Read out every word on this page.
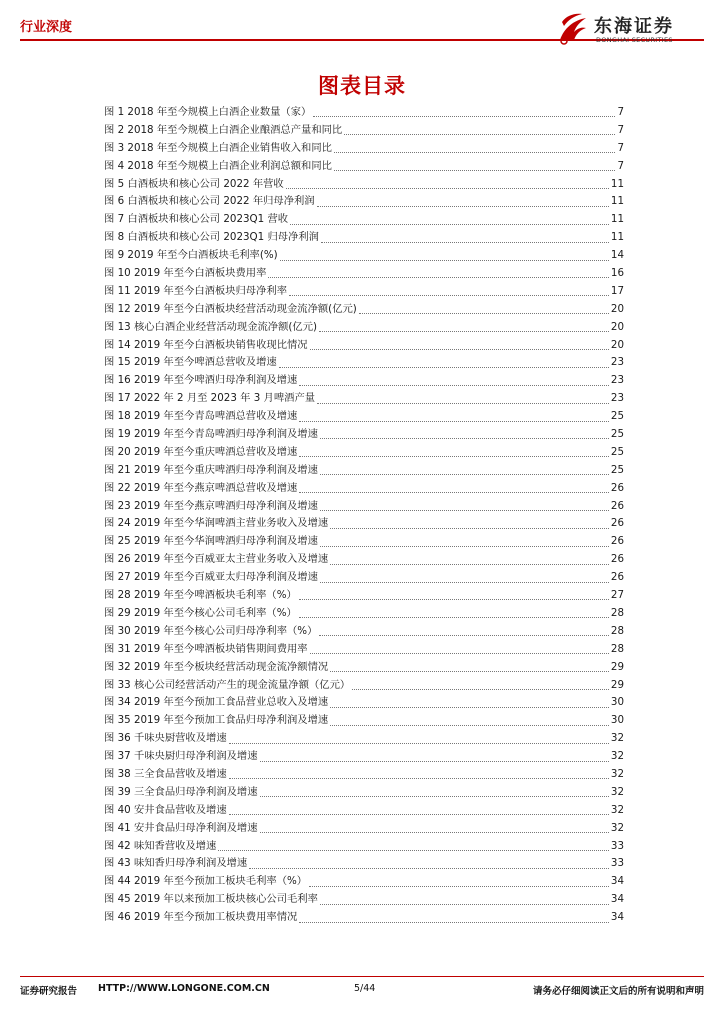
行业深度	东海证券
DONGHAI SECURITIES
图表目录
图 1 2018 年至今规模上白酒企业数量（家）	7
图 2 2018 年至今规模上白酒企业酿酒总产量和同比	7
图 3 2018 年至今规模上白酒企业销售收入和同比	7
图 4 2018 年至今规模上白酒企业利润总额和同比	7
图 5 白酒板块和核心公司 2022 年营收	11
图 6 白酒板块和核心公司 2022 年归母净利润	11
图 7 白酒板块和核心公司 2023Q1 营收	11
图 8 白酒板块和核心公司 2023Q1 归母净利润	11
图 9 2019 年至今白酒板块毛利率(%)	14
图 10 2019 年至今白酒板块费用率	16
图 11 2019 年至今白酒板块归母净利率	17
图 12 2019 年至今白酒板块经营活动现金流净额(亿元)	20
图 13 核心白酒企业经营活动现金流净额(亿元)	20
图 14 2019 年至今白酒板块销售收现比情况	20
图 15 2019 年至今啤酒总营收及增速	23
图 16 2019 年至今啤酒归母净利润及增速	23
图 17 2022 年 2 月至 2023 年 3 月啤酒产量	23
图 18 2019 年至今青岛啤酒总营收及增速	25
图 19 2019 年至今青岛啤酒归母净利润及增速	25
图 20 2019 年至今重庆啤酒总营收及增速	25
图 21 2019 年至今重庆啤酒归母净利润及增速	25
图 22 2019 年至今燕京啤酒总营收及增速	26
图 23 2019 年至今燕京啤酒归母净利润及增速	26
图 24 2019 年至今华润啤酒主营业务收入及增速	26
图 25 2019 年至今华润啤酒归母净利润及增速	26
图 26 2019 年至今百威亚太主营业务收入及增速	26
图 27 2019 年至今百威亚太归母净利润及增速	26
图 28 2019 年至今啤酒板块毛利率（%）	27
图 29 2019 年至今核心公司毛利率（%）	28
图 30 2019 年至今核心公司归母净利率（%）	28
图 31 2019 年至今啤酒板块销售期间费用率	28
图 32 2019 年至今板块经营活动现金流净额情况	29
图 33 核心公司经营活动产生的现金流量净额（亿元）	29
图 34 2019 年至今预加工食品营业总收入及增速	30
图 35 2019 年至今预加工食品归母净利润及增速	30
图 36 千味央厨营收及增速	32
图 37 千味央厨归母净利润及增速	32
图 38 三全食品营收及增速	32
图 39 三全食品归母净利润及增速	32
图 40 安井食品营收及增速	32
图 41 安井食品归母净利润及增速	32
图 42 味知香营收及增速	33
图 43 味知香归母净利润及增速	33
图 44 2019 年至今预加工板块毛利率（%）	34
图 45 2019 年以来预加工板块核心公司毛利率	34
图 46 2019 年至今预加工板块费用率情况	34
证券研究报告 HTTP://WWW.LONGONE.COM.CN	5/44	请务必仔细阅读正文后的所有说明和声明
